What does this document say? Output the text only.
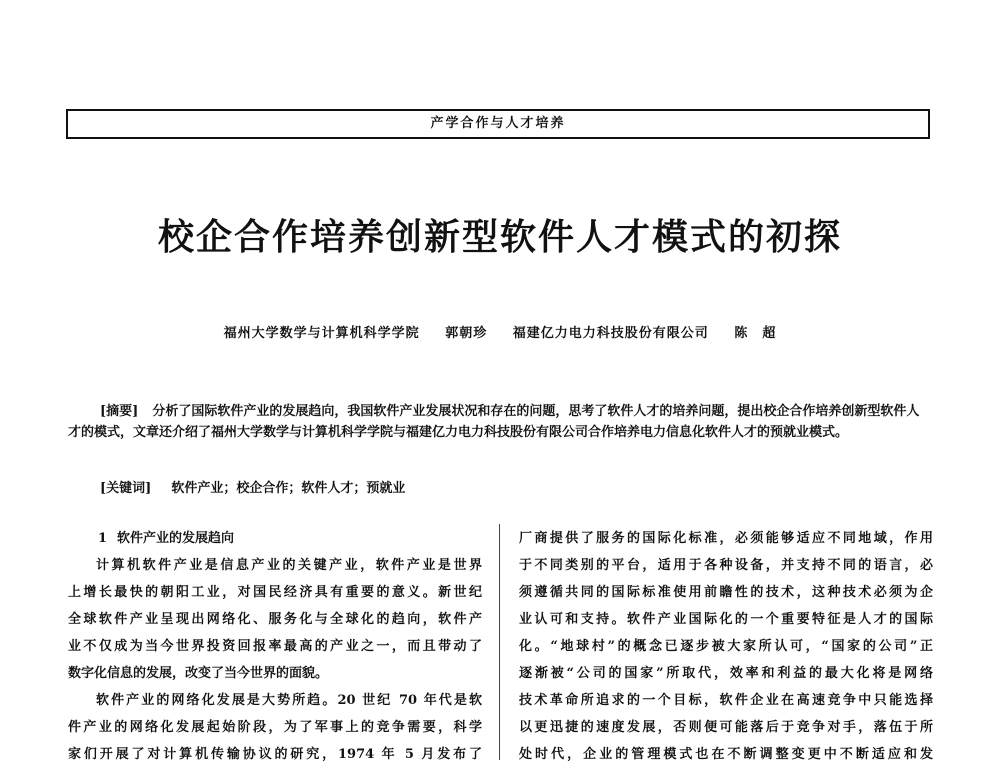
产学合作与人才培养
校企合作培养创新型软件人才模式的初探
福州大学数学与计算机科学学院 郭朝珍 福建亿力电力科技股份有限公司 陈　超
[摘要] 分析了国际软件产业的发展趋向，我国软件产业发展状况和存在的问题，思考了软件人才的培养问题，提出校企合作培养创新型软件人才的模式，文章还介绍了福州大学数学与计算机科学学院与福建亿力电力科技股份有限公司合作培养电力信息化软件人才的预就业模式。
[关键词] 软件产业；校企合作；软件人才；预就业
1 软件产业的发展趋向
计算机软件产业是信息产业的关键产业，软件产业是世界
上增长最快的朝阳工业，对国民经济具有重要的意义。新世纪
全球软件产业呈现出网络化、服务化与全球化的趋向，软件产
业不仅成为当今世界投资回报率最高的产业之一，而且带动了
数字化信息的发展，改变了当今世界的面貌。
软件产业的网络化发展是大势所趋。20 世纪 70 年代是软
件产业的网络化发展起始阶段，为了军事上的竞争需要，科学
家们开展了对计算机传输协议的研究，1974 年 5 月发布了
厂商提供了服务的国际化标准，必须能够适应不同地域，作用
于不同类别的平台，适用于各种设备，并支持不同的语言，必
须遵循共同的国际标准使用前瞻性的技术，这种技术必须为企
业认可和支持。软件产业国际化的一个重要特征是人才的国际
化。“地球村”的概念已逐步被大家所认可，“国家的公司”正
逐渐被“公司的国家”所取代，效率和利益的最大化将是网络
技术革命所追求的一个目标，软件企业在高速竞争中只能选择
以更迅捷的速度发展，否则便可能落后于竞争对手，落伍于所
处时代，企业的管理模式也在不断调整变更中不断适应和发
